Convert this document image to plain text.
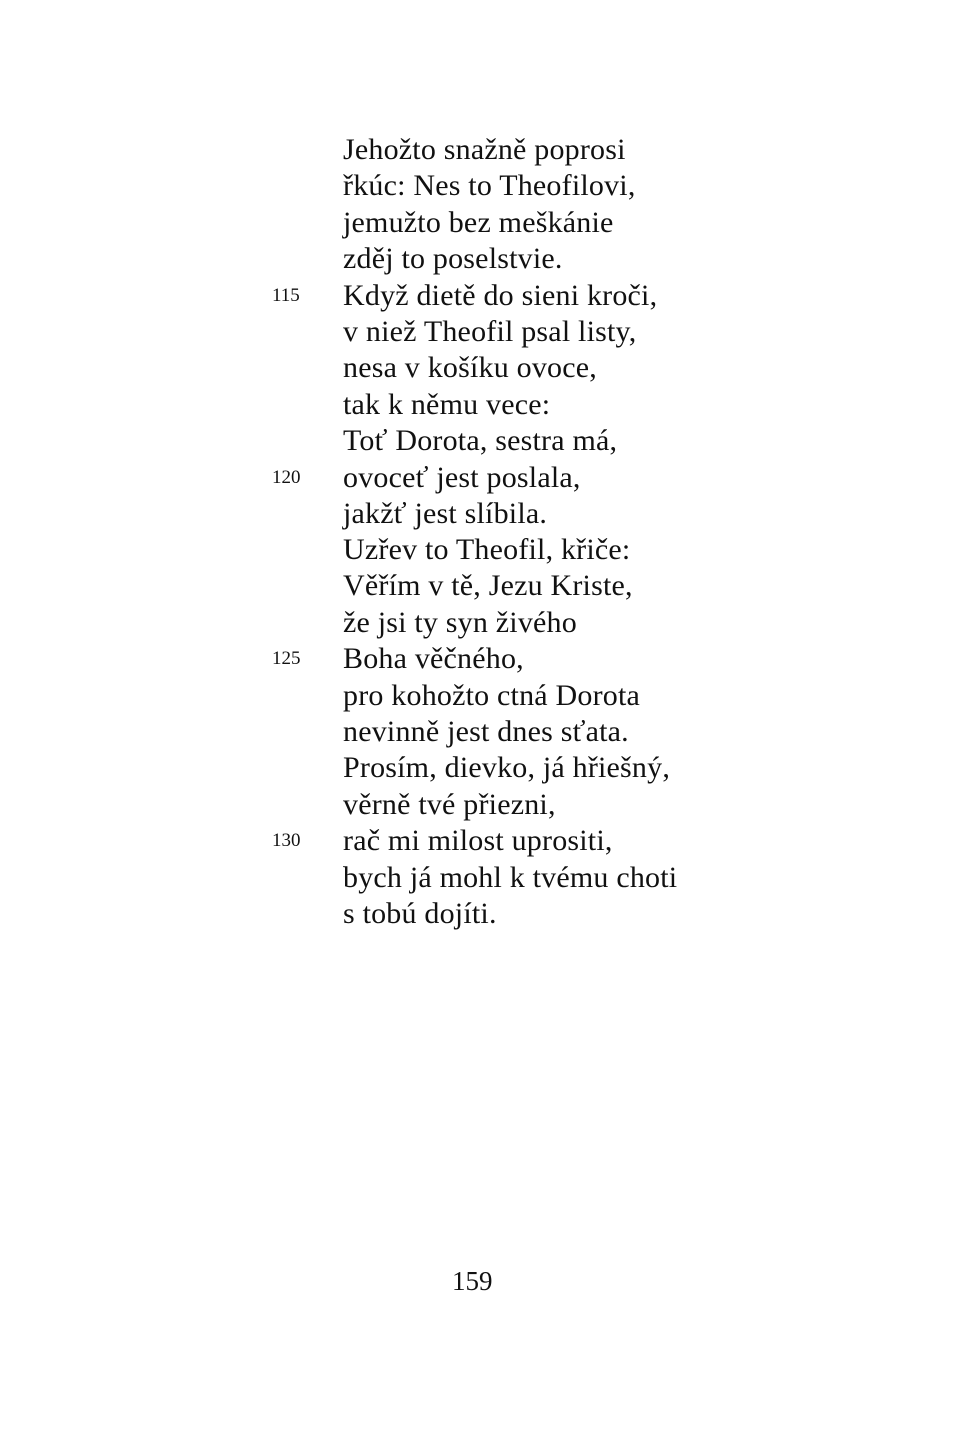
Jehožto snažně poprosi
řkúc: Nes to Theofilovi,
jemužto bez meškánie
zděj to poselstvie.
115	Když dietě do sieni kroči,
v niež Theofil psal listy,
nesa v košíku ovoce,
tak k němu vece:
Toť Dorota, sestra má,
120	ovoceť jest poslala,
jakžť jest slíbila.
Uzřev to Theofil, křiče:
Věřím v tě, Jezu Kriste,
že jsi ty syn živého
125	Boha věčného,
pro kohožto ctná Dorota
nevinně jest dnes sťata.
Prosím, dievko, já hřiešný,
věrně tvé přiezni,
130	rač mi milost uprositi,
bych já mohl k tvému choti
s tobú dojíti.
159
